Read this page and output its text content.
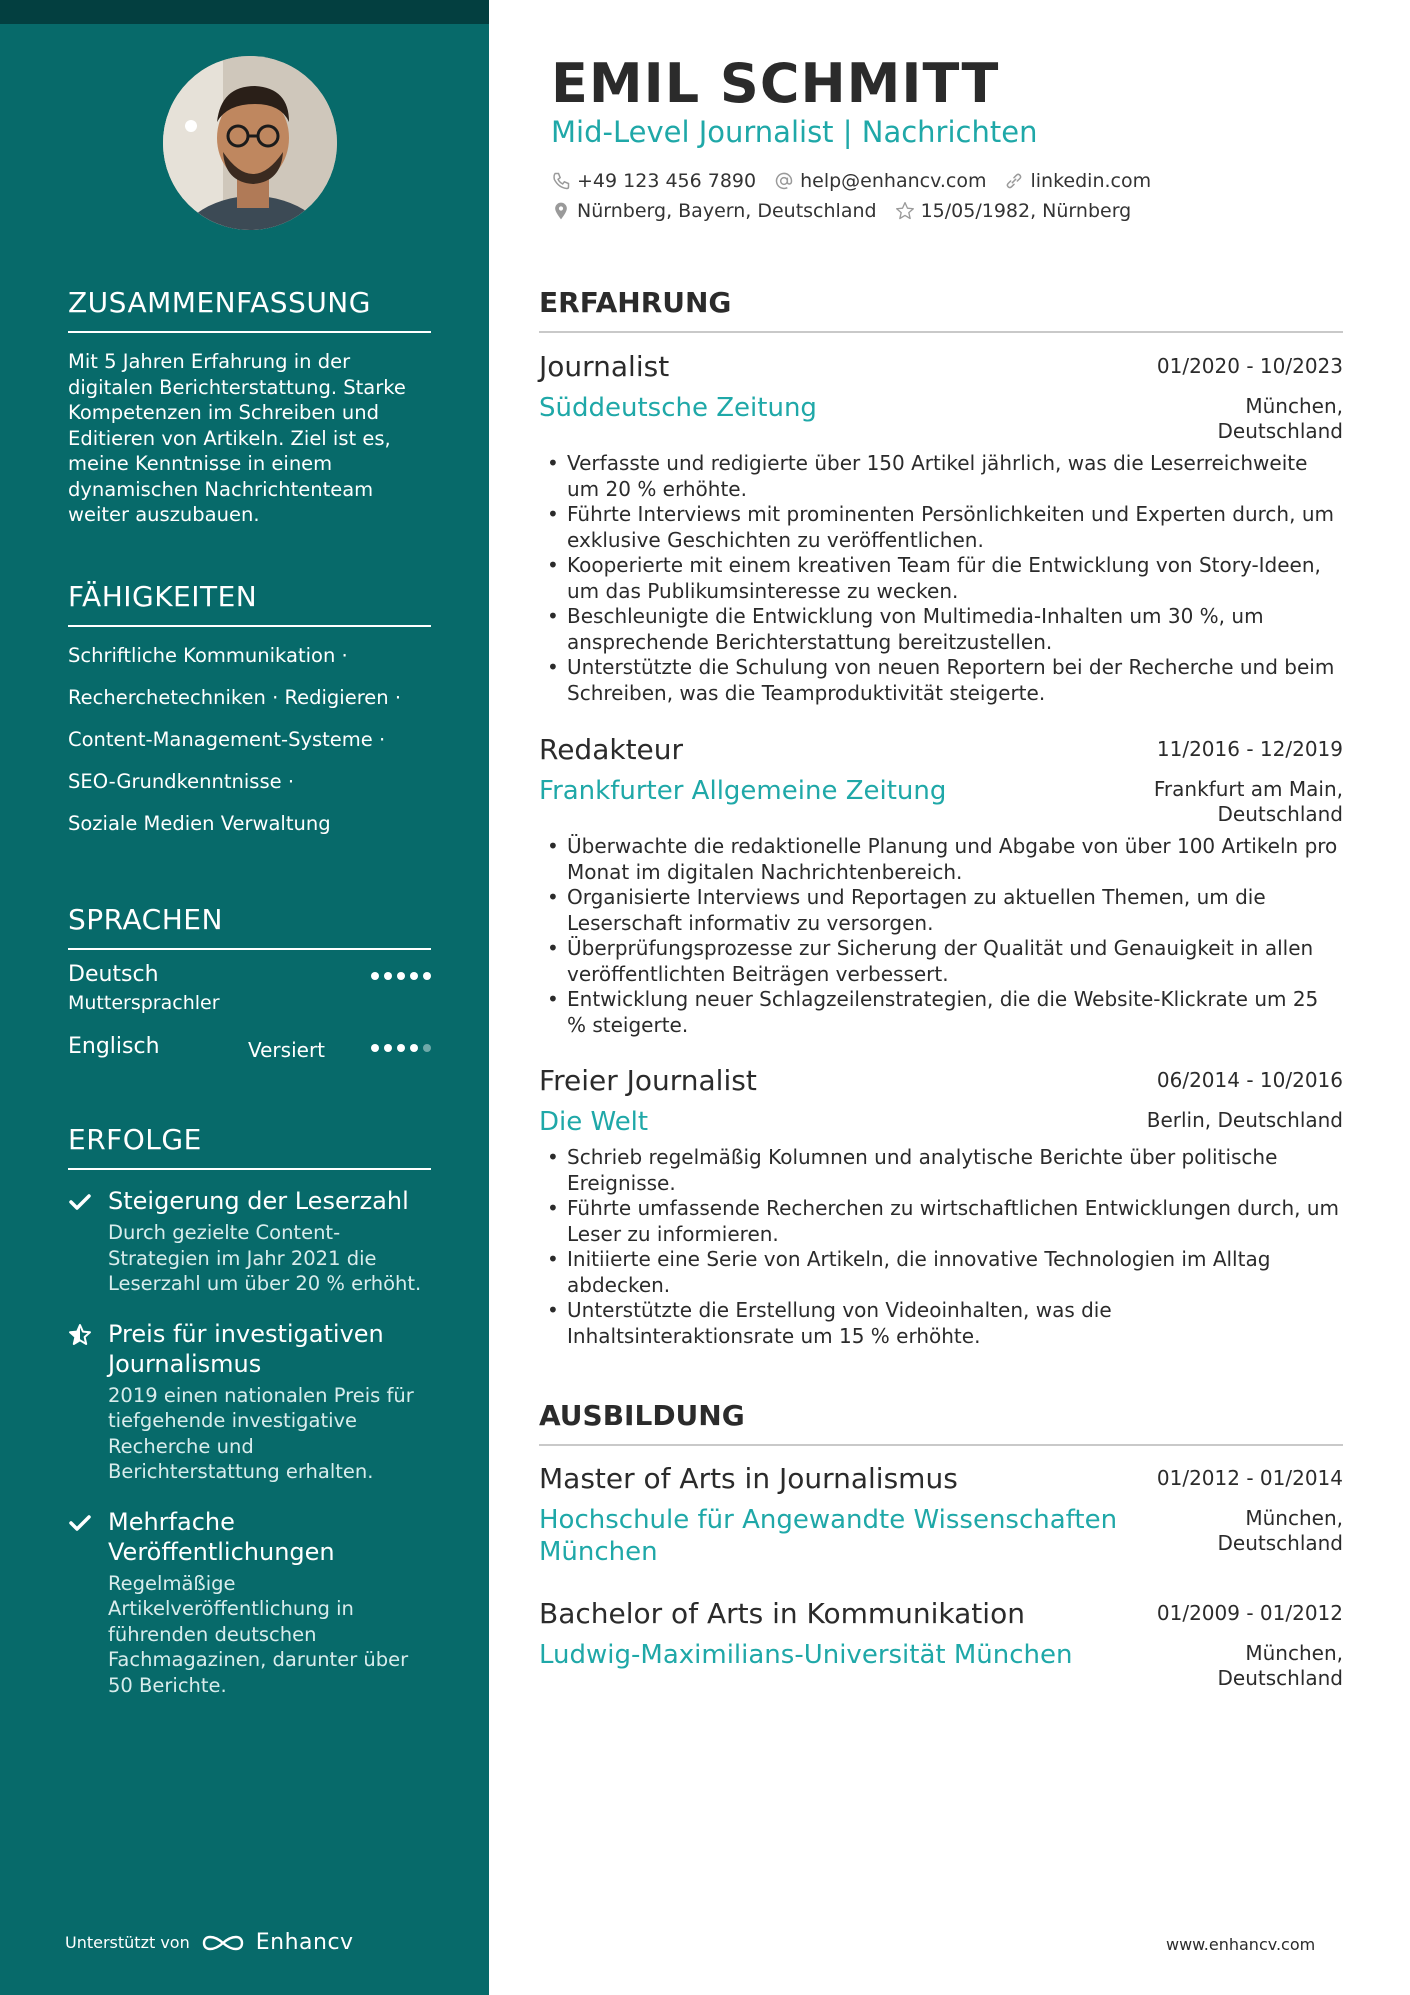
ZUSAMMENFASSUNG

Mit 5 Jahren Erfahrung in der digitalen Berichterstattung. Starke Kompetenzen im Schreiben und Editieren von Artikeln. Ziel ist es, meine Kenntnisse in einem dynamischen Nachrichtenteam weiter auszubauen.

FÄHIGKEITEN
Schriftliche Kommunikation ·
Recherchetechniken · Redigieren ·
Content-Management-Systeme ·
SEO-Grundkenntnisse ·
Soziale Medien Verwaltung
SPRACHEN
Deutsch
Muttersprachler
Englisch	Versiert
ERFOLGE
Steigerung der Leserzahl
Durch gezielte Content-Strategien im Jahr 2021 die Leserzahl um über 20 % erhöht.
Preis für investigativen Journalismus
2019 einen nationalen Preis für tiefgehende investigative Recherche und Berichterstattung erhalten.
Mehrfache Veröffentlichungen
Regelmäßige Artikelveröffentlichung in führenden deutschen Fachmagazinen, darunter über 50 Berichte.
Unterstützt von	Enhancv
EMIL SCHMITT
Mid-Level Journalist | Nachrichten
+49 123 456 7890 help@enhancv.com linkedin.com
Nürnberg, Bayern, Deutschland 15/05/1982, Nürnberg
ERFAHRUNG
Journalist	01/2020 - 10/2023
Süddeutsche Zeitung	München,
Deutschland
• Verfasste und redigierte über 150 Artikel jährlich, was die Leserreichweite um 20 % erhöhte.
• Führte Interviews mit prominenten Persönlichkeiten und Experten durch, um exklusive Geschichten zu veröffentlichen.
• Kooperierte mit einem kreativen Team für die Entwicklung von Story-Ideen, um das Publikumsinteresse zu wecken.
• Beschleunigte die Entwicklung von Multimedia-Inhalten um 30 %, um ansprechende Berichterstattung bereitzustellen.
• Unterstützte die Schulung von neuen Reportern bei der Recherche und beim Schreiben, was die Teamproduktivität steigerte.
Redakteur	11/2016 - 12/2019
Frankfurter Allgemeine Zeitung	Frankfurt am Main,
Deutschland
• Überwachte die redaktionelle Planung und Abgabe von über 100 Artikeln pro Monat im digitalen Nachrichtenbereich.
• Organisierte Interviews und Reportagen zu aktuellen Themen, um die Leserschaft informativ zu versorgen.
• Überprüfungsprozesse zur Sicherung der Qualität und Genauigkeit in allen veröffentlichten Beiträgen verbessert.
• Entwicklung neuer Schlagzeilenstrategien, die die Website-Klickrate um 25 % steigerte.
Freier Journalist	06/2014 - 10/2016
Die Welt	Berlin, Deutschland
• Schrieb regelmäßig Kolumnen und analytische Berichte über politische Ereignisse.
• Führte umfassende Recherchen zu wirtschaftlichen Entwicklungen durch, um Leser zu informieren.
• Initiierte eine Serie von Artikeln, die innovative Technologien im Alltag abdecken.
• Unterstützte die Erstellung von Videoinhalten, was die Inhaltsinteraktionsrate um 15 % erhöhte.
AUSBILDUNG
Master of Arts in Journalismus	01/2012 - 01/2014
Hochschule für Angewandte Wissenschaften
München
München,
Deutschland
Bachelor of Arts in Kommunikation	01/2009 - 01/2012
Ludwig-Maximilians-Universität München	München,
Deutschland
www.enhancv.com
